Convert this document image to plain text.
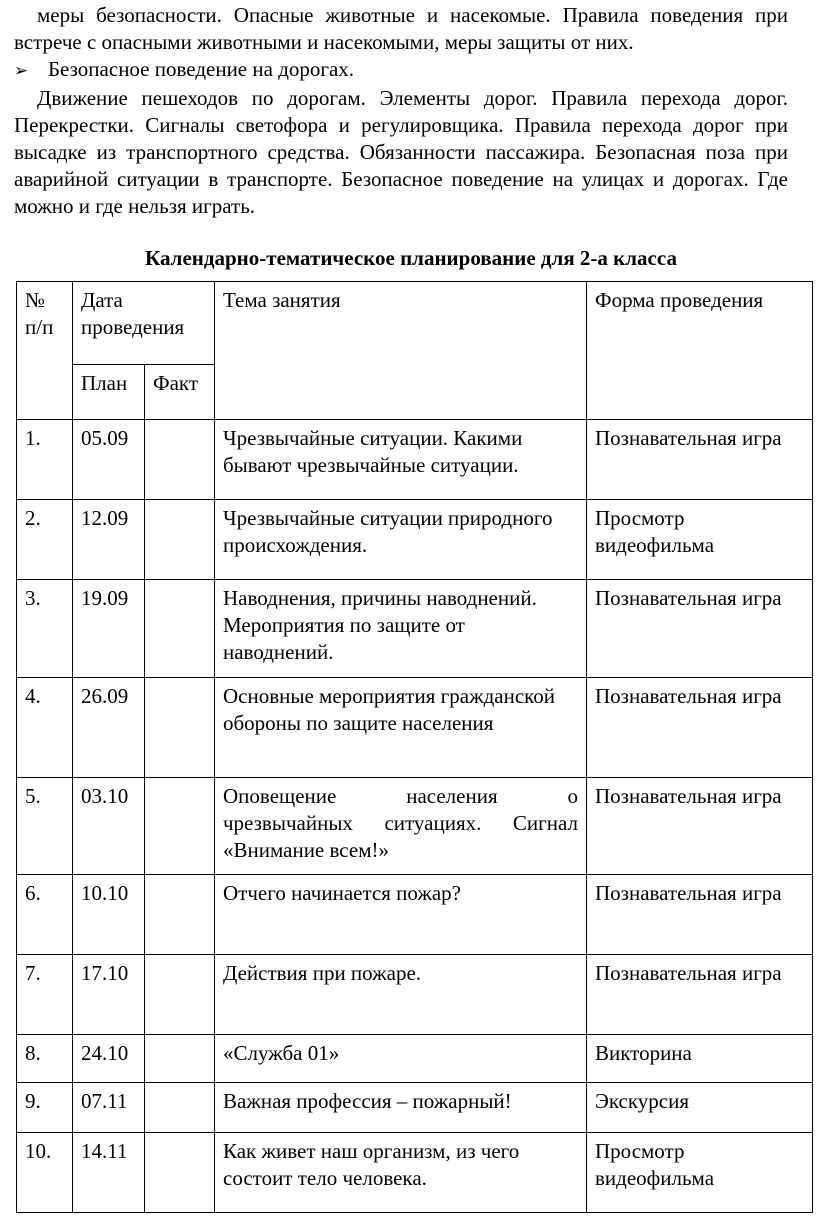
меры безопасности. Опасные животные и насекомые. Правила поведения при встрече с опасными животными и насекомыми, меры защиты от них.

➢ Безопасное поведение на дорогах.

Движение пешеходов по дорогам. Элементы дорог. Правила перехода дорог. Перекрестки. Сигналы светофора и регулировщика. Правила перехода дорог при высадке из транспортного средства. Обязанности пассажира. Безопасная поза при аварийной ситуации в транспорте. Безопасное поведение на улицах и дорогах. Где можно и где нельзя играть.

Календарно-тематическое планирование для 2-а класса

№ п/п	Дата проведения		Тема занятия	Форма проведения
	План	Факт		
1.	05.09		Чрезвычайные ситуации. Какими бывают чрезвычайные ситуации.	Познавательная игра
2.	12.09		Чрезвычайные ситуации природного происхождения.	Просмотр видеофильма
3.	19.09		Наводнения, причины наводнений. Мероприятия по защите от наводнений.	Познавательная игра
4.	26.09		Основные мероприятия гражданской обороны по защите населения	Познавательная игра
5.	03.10		Оповещение населения о чрезвычайных ситуациях. Сигнал «Внимание всем!»	Познавательная игра
6.	10.10		Отчего начинается пожар?	Познавательная игра
7.	17.10		Действия при пожаре.	Познавательная игра
8.	24.10		«Служба 01»	Викторина
9.	07.11		Важная профессия – пожарный!	Экскурсия
10.	14.11		Как живет наш организм, из чего состоит тело человека.	Просмотр видеофильма
